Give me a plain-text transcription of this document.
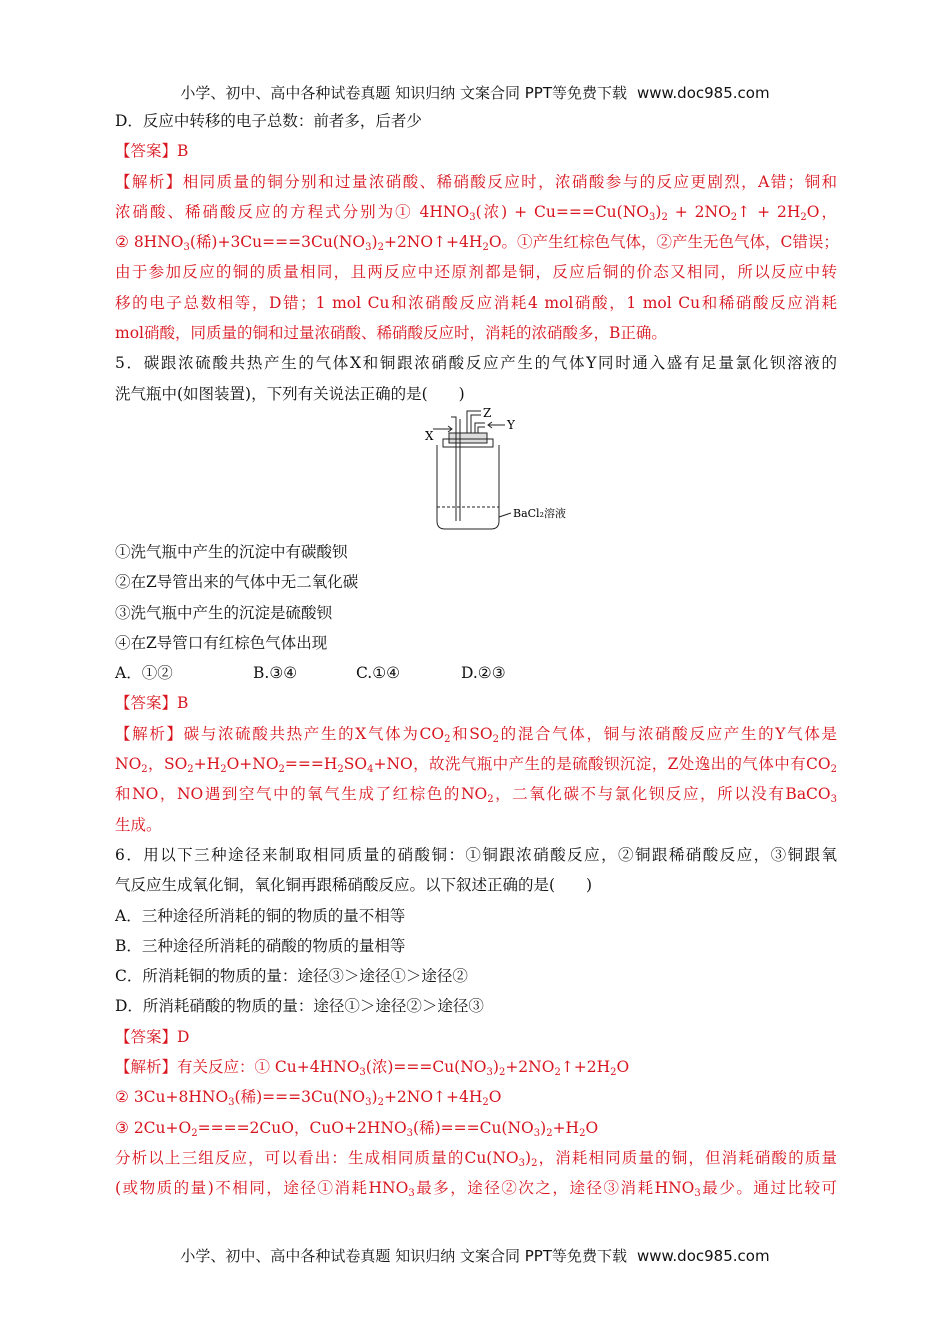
小学、初中、高中各种试卷真题 知识归纳 文案合同 PPT等免费下载 www.doc985.com
D．反应中转移的电子总数：前者多，后者少
【答案】B
【解析】相同质量的铜分别和过量浓硝酸、稀硝酸反应时，浓硝酸参与的反应更剧烈，A错；铜和
浓硝酸、稀硝酸反应的方程式分别为① $4HNO_3$(浓) + $Cu===Cu(NO_3)_2$ + $2NO_2↑ + 2H_2O$，
② $8HNO_3$(稀)$+3Cu===3Cu(NO_3)_2+2NO↑+4H_2O$。①产生红棕色气体，②产生无色气体，C错误；
由于参加反应的铜的质量相同，且两反应中还原剂都是铜，反应后铜的价态又相同，所以反应中转
移的电子总数相等，D错；1 mol Cu和浓硝酸反应消耗4 mol硝酸，1 mol Cu和稀硝酸反应消耗
mol硝酸，同质量的铜和过量浓硝酸、稀硝酸反应时，消耗的浓硝酸多，B正确。
5．碳跟浓硫酸共热产生的气体X和铜跟浓硝酸反应产生的气体Y同时通入盛有足量氯化钡溶液的
洗气瓶中(如图装置)，下列有关说法正确的是(　　)
X
Z
Y
BaCl₂溶液
①洗气瓶中产生的沉淀中有碳酸钡
②在Z导管出来的气体中无二氧化碳
③洗气瓶中产生的沉淀是硫酸钡
④在Z导管口有红棕色气体出现
A．①②	B.③④	C.①④	D.②③
【答案】B
【解析】碳与浓硫酸共热产生的X气体为$CO_2$和$SO_2$的混合气体，铜与浓硝酸反应产生的Y气体是
$NO_2$，$SO_2+H_2O+NO_2===H_2SO_4+NO$，故洗气瓶中产生的是硫酸钡沉淀，Z处逸出的气体中有$CO_2$
和NO，NO遇到空气中的氧气生成了红棕色的$NO_2$，二氧化碳不与氯化钡反应，所以没有BaCO$_3$
生成。
6．用以下三种途径来制取相同质量的硝酸铜：①铜跟浓硝酸反应，②铜跟稀硝酸反应，③铜跟氧
气反应生成氧化铜，氧化铜再跟稀硝酸反应。以下叙述正确的是(　　)
A．三种途径所消耗的铜的物质的量不相等
B．三种途径所消耗的硝酸的物质的量相等
C．所消耗铜的物质的量：途径③＞途径①＞途径②
D．所消耗硝酸的物质的量：途径①＞途径②＞途径③
【答案】D
【解析】有关反应：① $Cu+4HNO_3$(浓)$===Cu(NO_3)_2+2NO_2↑+2H_2O$
② $3Cu+8HNO_3$(稀)$===3Cu(NO_3)_2+2NO↑+4H_2O$
③ $2Cu+O_2====2CuO$，$CuO+2HNO_3$(稀)$===Cu(NO_3)_2+H_2O$
分析以上三组反应，可以看出：生成相同质量的$Cu(NO_3)_2$，消耗相同质量的铜，但消耗硝酸的质量
(或物质的量)不相同，途径①消耗$HNO_3$最多，途径②次之，途径③消耗$HNO_3$最少。通过比较可
小学、初中、高中各种试卷真题 知识归纳 文案合同 PPT等免费下载 www.doc985.com
